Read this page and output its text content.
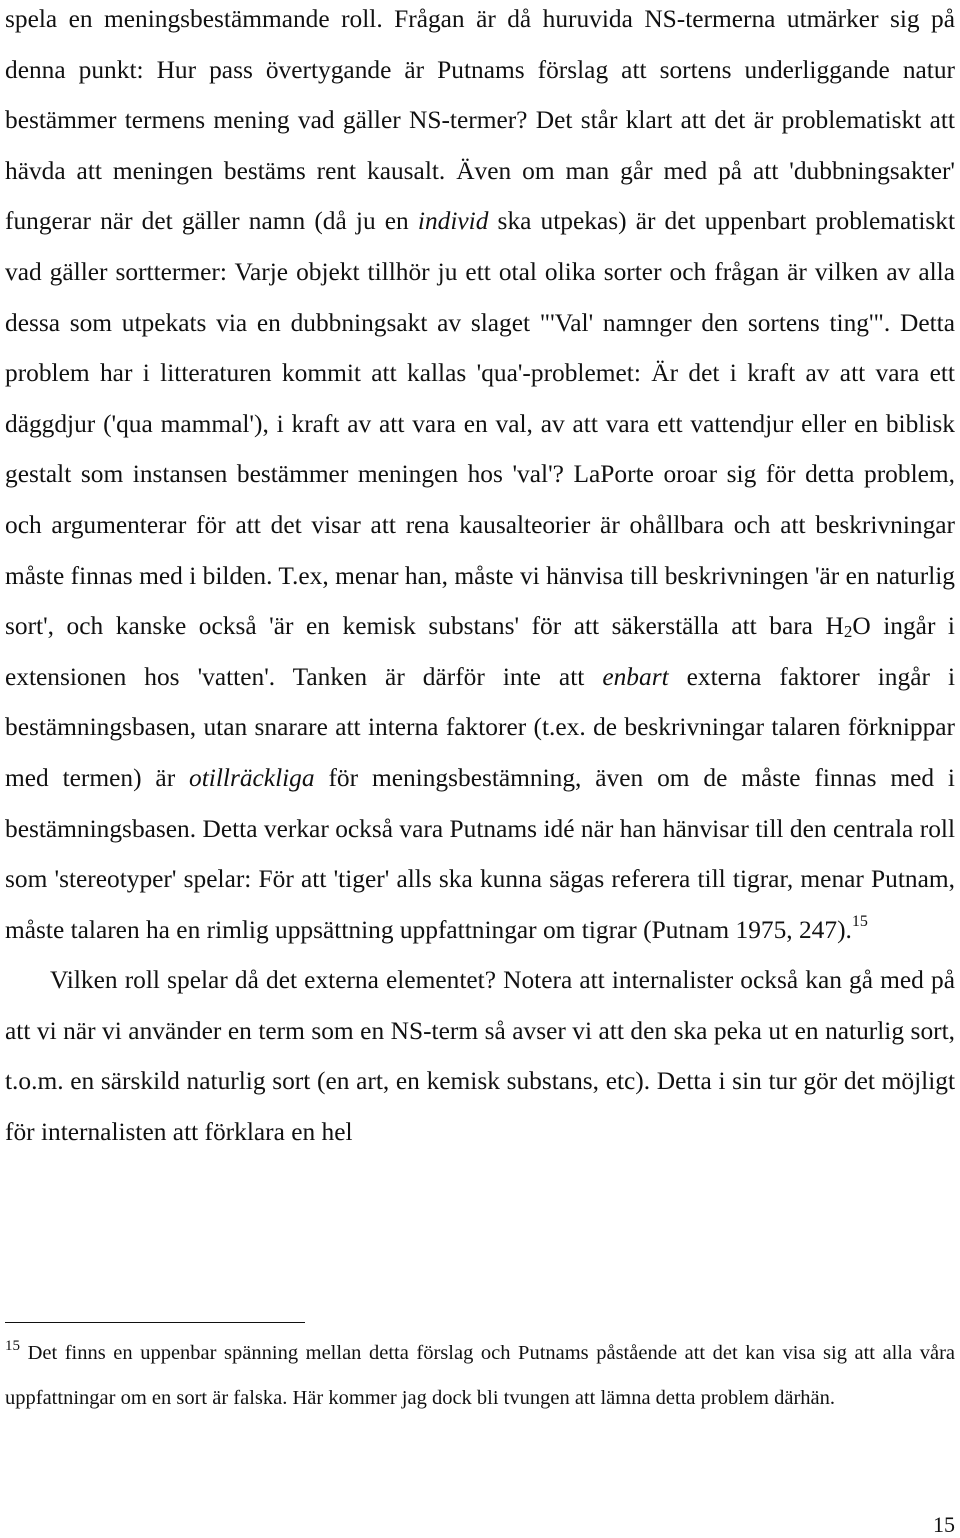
spela en meningsbestämmande roll. Frågan är då huruvida NS-termerna utmärker sig på denna punkt: Hur pass övertygande är Putnams förslag att sortens underliggande natur bestämmer termens mening vad gäller NS-termer? Det står klart att det är problematiskt att hävda att meningen bestäms rent kausalt. Även om man går med på att 'dubbningsakter' fungerar när det gäller namn (då ju en individ ska utpekas) är det uppenbart problematiskt vad gäller sorttermer: Varje objekt tillhör ju ett otal olika sorter och frågan är vilken av alla dessa som utpekats via en dubbningsakt av slaget "'Val' namnger den sortens ting'". Detta problem har i litteraturen kommit att kallas 'qua'-problemet: Är det i kraft av att vara ett däggdjur ('qua mammal'), i kraft av att vara en val, av att vara ett vattendjur eller en biblisk gestalt som instansen bestämmer meningen hos 'val'? LaPorte oroar sig för detta problem, och argumenterar för att det visar att rena kausalteorier är ohållbara och att beskrivningar måste finnas med i bilden. T.ex, menar han, måste vi hänvisa till beskrivningen 'är en naturlig sort', och kanske också 'är en kemisk substans' för att säkerställa att bara $H_2O$ ingår i extensionen hos 'vatten'. Tanken är därför inte att enbart externa faktorer ingår i bestämningsbasen, utan snarare att interna faktorer (t.ex. de beskrivningar talaren förknippar med termen) är otillräckliga för meningsbestämning, även om de måste finnas med i bestämningsbasen. Detta verkar också vara Putnams idé när han hänvisar till den centrala roll som 'stereotyper' spelar: För att 'tiger' alls ska kunna sägas referera till tigrar, menar Putnam, måste talaren ha en rimlig uppsättning uppfattningar om tigrar (Putnam 1975, 247).$^{15}$

Vilken roll spelar då det externa elementet? Notera att internalister också kan gå med på att vi när vi använder en term som en NS-term så avser vi att den ska peka ut en naturlig sort, t.o.m. en särskild naturlig sort (en art, en kemisk substans, etc). Detta i sin tur gör det möjligt för internalisten att förklara en hel

$^{15}$ Det finns en uppenbar spänning mellan detta förslag och Putnams påstående att det kan visa sig att alla våra uppfattningar om en sort är falska. Här kommer jag dock bli tvungen att lämna detta problem därhän.

15
